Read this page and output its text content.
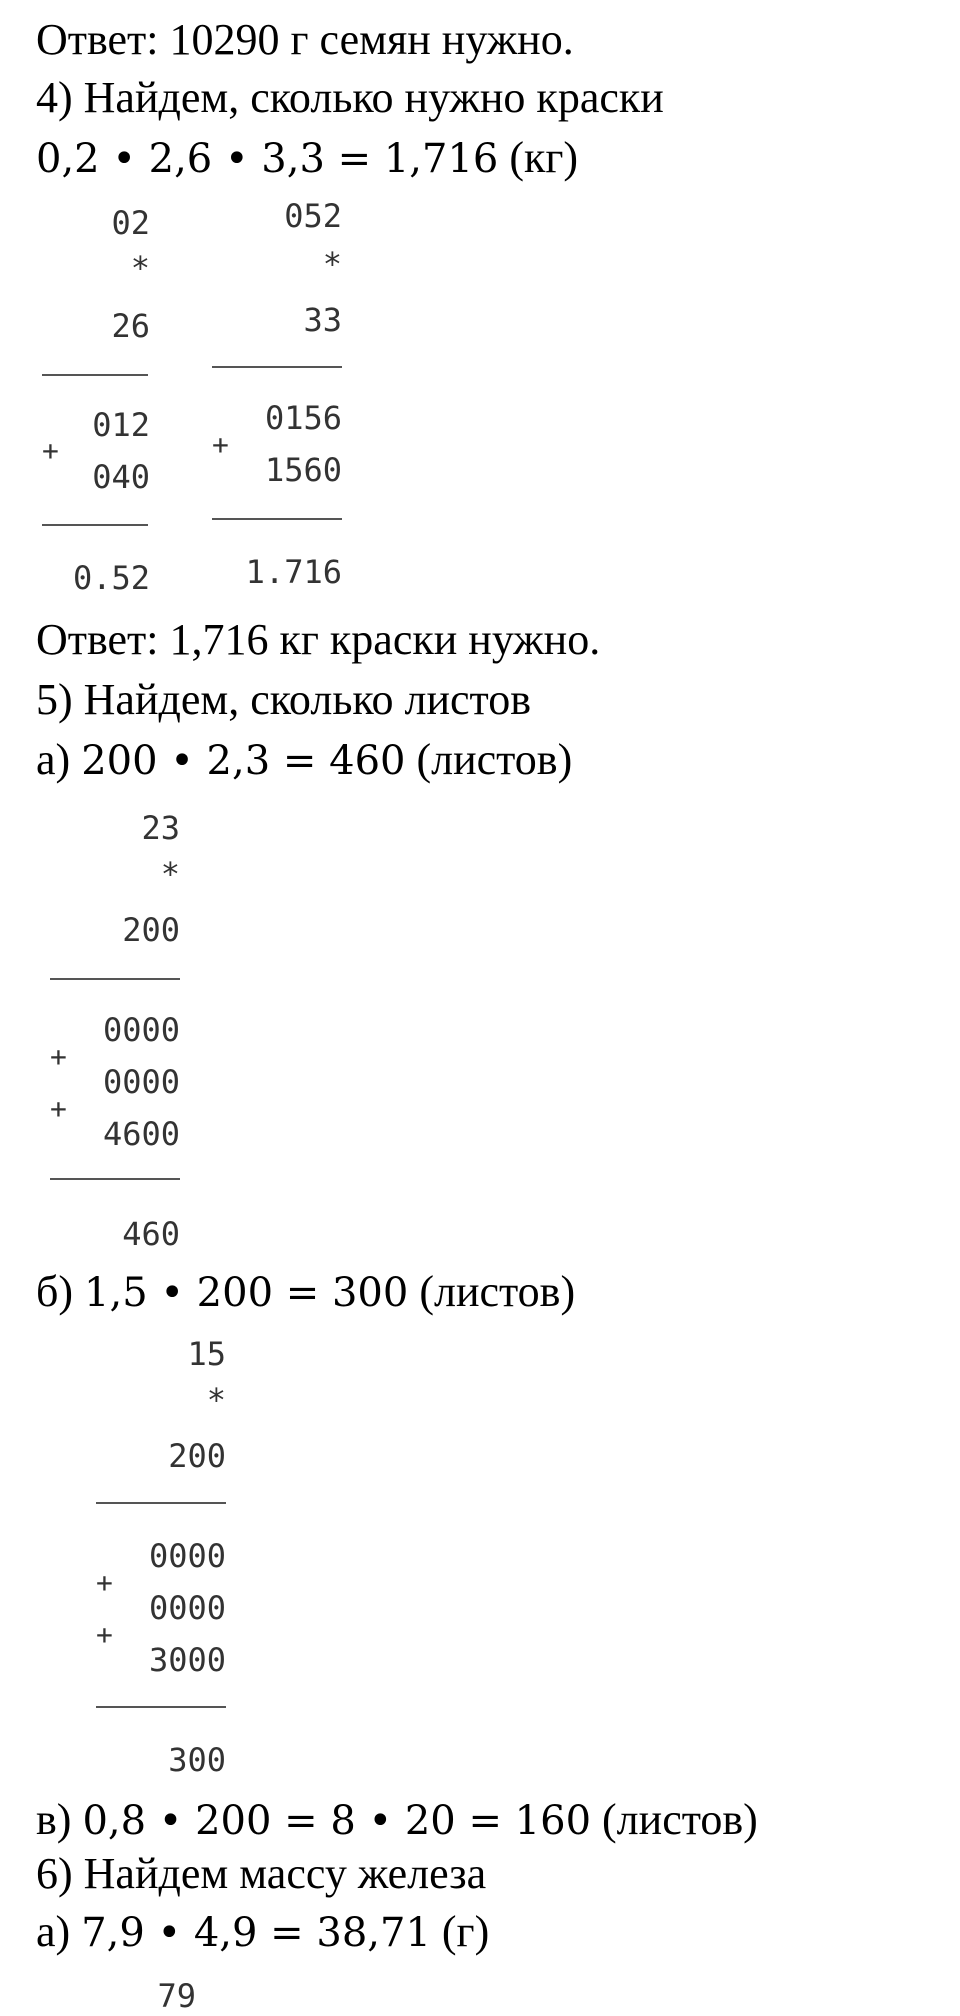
Ответ: 10290 г семян нужно.
4) Найдем, сколько нужно краски
0,2 • 2,6 • 3,3 = 1,716 (кг)
02
*
26
012
+
040
0.52
052
*
33
0156
+
1560
1.716
Ответ: 1,716 кг краски нужно.
5) Найдем, сколько листов
а) 200 • 2,3 = 460 (листов)
23
*
200
0000
+
0000
+
4600
460
б) 1,5 • 200 = 300 (листов)
15
*
200
0000
+
0000
+
3000
300
в) 0,8 • 200 = 8 • 20 = 160 (листов)
6) Найдем массу железа
а) 7,9 • 4,9 = 38,71 (г)
79
